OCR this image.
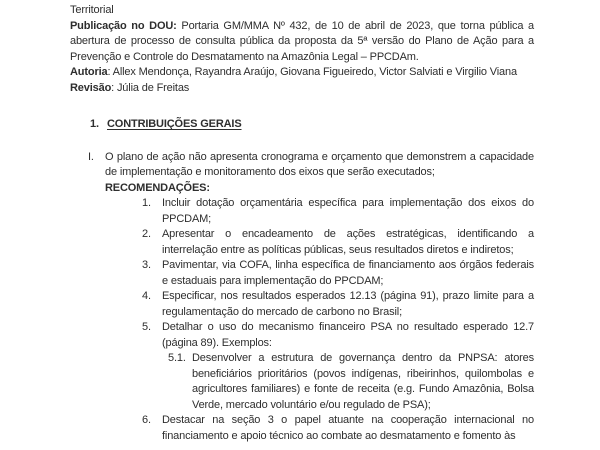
Territorial

Publicação no DOU: Portaria GM/MMA Nº 432, de 10 de abril de 2023, que torna pública a abertura de processo de consulta pública da proposta da 5ª versão do Plano de Ação para a Prevenção e Controle do Desmatamento na Amazônia Legal – PPCDAm.

Autoria: Allex Mendonça, Rayandra Araújo, Giovana Figueiredo, Victor Salviati e Virgilio Viana

Revisão: Júlia de Freitas

1. CONTRIBUIÇÕES GERAIS
I. O plano de ação não apresenta cronograma e orçamento que demonstrem a capacidade de implementação e monitoramento dos eixos que serão executados;
RECOMENDAÇÕES:
1. Incluir dotação orçamentária específica para implementação dos eixos do PPCDAM;
2. Apresentar o encadeamento de ações estratégicas, identificando a interrelação entre as políticas públicas, seus resultados diretos e indiretos;
3. Pavimentar, via COFA, linha específica de financiamento aos órgãos federais e estaduais para implementação do PPCDAM;
4. Especificar, nos resultados esperados 12.13 (página 91), prazo limite para a regulamentação do mercado de carbono no Brasil;
5. Detalhar o uso do mecanismo financeiro PSA no resultado esperado 12.7 (página 89). Exemplos:
5.1. Desenvolver a estrutura de governança dentro da PNPSA: atores beneficiários prioritários (povos indígenas, ribeirinhos, quilombolas e agricultores familiares) e fonte de receita (e.g. Fundo Amazônia, Bolsa Verde, mercado voluntário e/ou regulado de PSA);
6. Destacar na seção 3 o papel atuante na cooperação internacional no financiamento e apoio técnico ao combate ao desmatamento e fomento às
